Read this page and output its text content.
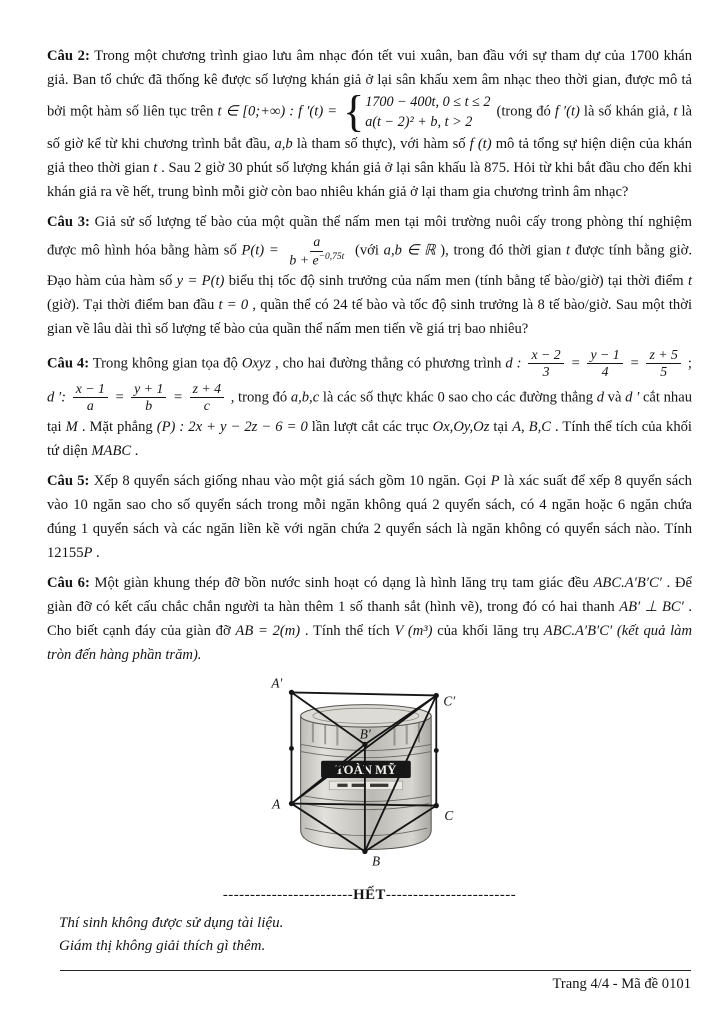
Câu 2: Trong một chương trình giao lưu âm nhạc đón tết vui xuân, ban đầu với sự tham dự của 1700 khán giả. Ban tổ chức đã thống kê được số lượng khán giả ở lại sân khấu xem âm nhạc theo thời gian, được mô tả bởi một hàm số liên tục trên t ∈ [0;+∞) : f ′(t) = { 1700 − 400t, 0 ≤ t ≤ 2
a(t − 2)² + b, t > 2
(trong đó f ′(t) là số khán giả, t là số giờ kể từ khi chương trình bắt đầu, a,b là tham số thực), với hàm số f (t) mô tả tổng sự hiện diện của khán giả theo thời gian t . Sau 2 giờ 30 phút số lượng khán giả ở lại sân khấu là 875. Hỏi từ khi bắt đầu cho đến khi khán giả ra về hết, trung bình mỗi giờ còn bao nhiêu khán giả ở lại tham gia chương trình âm nhạc?

Câu 3: Giả sử số lượng tế bào của một quần thể nấm men tại môi trường nuôi cấy trong phòng thí nghiệm được mô hình hóa bằng hàm số $P(t) = \frac{a}{b + e^{-0,75t}}$ (với a,b ∈ ℝ ), trong đó thời gian t được tính bằng giờ. Đạo hàm của hàm số y = P(t) biểu thị tốc độ sinh trưởng của nấm men (tính bằng tế bào/giờ) tại thời điểm t (giờ). Tại thời điểm ban đầu t = 0 , quần thể có 24 tế bào và tốc độ sinh trưởng là 8 tế bào/giờ. Sau một thời gian về lâu dài thì số lượng tế bào của quần thể nấm men tiến về giá trị bao nhiêu?

Câu 4: Trong không gian tọa độ Oxyz , cho hai đường thẳng có phương trình d : $\frac{x - 2}{3} = \frac{y - 1}{4} = \frac{z + 5}{5}$ ; d ′: $\frac{x - 1}{a} = \frac{y + 1}{b} = \frac{z + 4}{c}$ , trong đó a,b,c là các số thực khác 0 sao cho các đường thẳng d và d ′ cắt nhau tại M . Mặt phẳng (P) : 2x + y − 2z − 6 = 0 lần lượt cắt các trục Ox,Oy,Oz tại A, B,C . Tính thể tích của khối tứ diện MABC .

Câu 5: Xếp 8 quyển sách giống nhau vào một giá sách gồm 10 ngăn. Gọi P là xác suất để xếp 8 quyển sách vào 10 ngăn sao cho số quyển sách trong mỗi ngăn không quá 2 quyển sách, có 4 ngăn hoặc 6 ngăn chứa đúng 1 quyển sách và các ngăn liền kề với ngăn chứa 2 quyển sách là ngăn không có quyển sách nào. Tính 12155P .

Câu 6: Một giàn khung thép đỡ bồn nước sinh hoạt có dạng là hình lăng trụ tam giác đều ABC.A′B′C′ . Để giàn đỡ có kết cấu chắc chắn người ta hàn thêm 1 số thanh sắt (hình vẽ), trong đó có hai thanh AB′ ⊥ BC′ . Cho biết cạnh đáy của giàn đỡ AB = 2(m) . Tính thể tích V (m³) của khối lăng trụ ABC.A′B′C′ (kết quả làm tròn đến hàng phần trăm).

TOÀN MỸ
A′
C′
B′
A
C
B
------------------------HẾT------------------------
Thí sinh không được sử dụng tài liệu.
Giám thị không giải thích gì thêm.
Trang 4/4 - Mã đề 0101
